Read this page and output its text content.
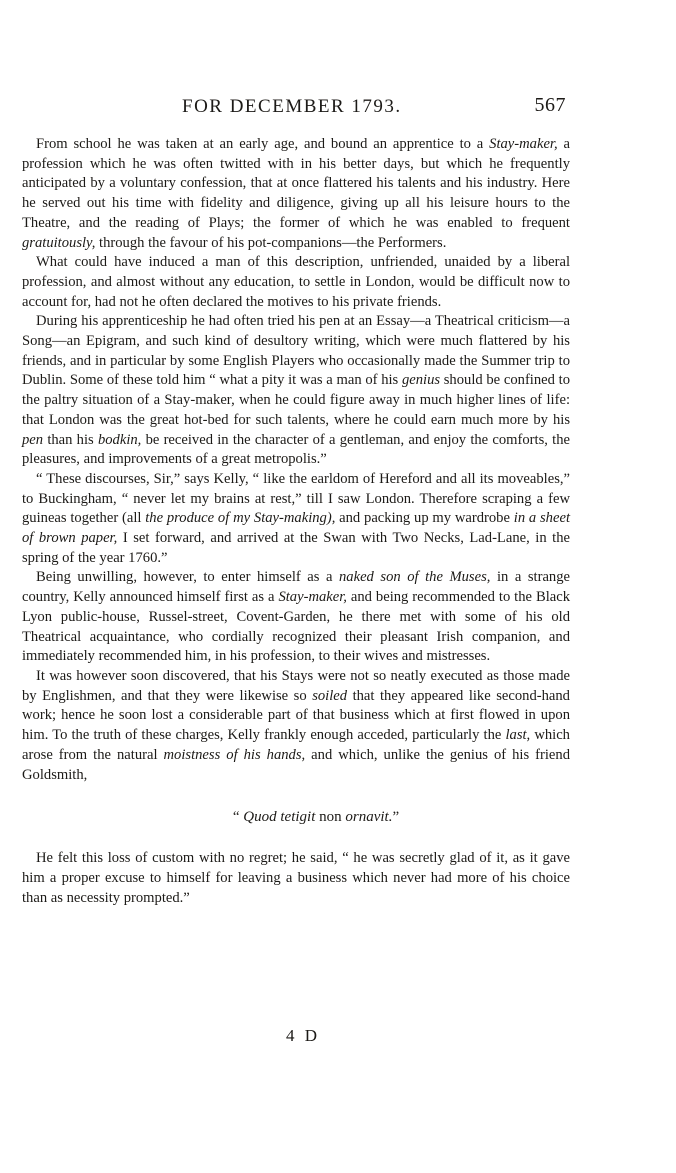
FOR DECEMBER 1793.	567

From school he was taken at an early age, and bound an apprentice to a Stay-maker, a profession which he was often twitted with in his better days, but which he frequently anticipated by a voluntary confession, that at once flattered his talents and his industry. Here he served out his time with fidelity and diligence, giving up all his leisure hours to the Theatre, and the reading of Plays; the former of which he was enabled to frequent gratuitously, through the favour of his pot-companions—the Performers.

What could have induced a man of this description, unfriended, unaided by a liberal profession, and almost without any education, to settle in London, would be difficult now to account for, had not he often declared the motives to his private friends.

During his apprenticeship he had often tried his pen at an Essay—a Theatrical criticism—a Song—an Epigram, and such kind of desultory writing, which were much flattered by his friends, and in particular by some English Players who occasionally made the Summer trip to Dublin. Some of these told him “ what a pity it was a man of his genius should be confined to the paltry situation of a Stay-maker, when he could figure away in much higher lines of life: that London was the great hot-bed for such talents, where he could earn much more by his pen than his bodkin, be received in the character of a gentleman, and enjoy the comforts, the pleasures, and improvements of a great metropolis.”

“ These discourses, Sir,” says Kelly, “ like the earldom of Hereford and all its moveables,” to Buckingham, “ never let my brains at rest,” till I saw London. Therefore scraping a few guineas together (all the produce of my Stay-making), and packing up my wardrobe in a sheet of brown paper, I set forward, and arrived at the Swan with Two Necks, Lad-Lane, in the spring of the year 1760.”

Being unwilling, however, to enter himself as a naked son of the Muses, in a strange country, Kelly announced himself first as a Stay-maker, and being recommended to the Black Lyon public-house, Russel-street, Covent-Garden, he there met with some of his old Theatrical acquaintance, who cordially recognized their pleasant Irish companion, and immediately recommended him, in his profession, to their wives and mistresses.

It was however soon discovered, that his Stays were not so neatly executed as those made by Englishmen, and that they were likewise so soiled that they appeared like second-hand work; hence he soon lost a considerable part of that business which at first flowed in upon him. To the truth of these charges, Kelly frankly enough acceded, particularly the last, which arose from the natural moistness of his hands, and which, unlike the genius of his friend Goldsmith,

“ Quod tetigit non ornavit.”

He felt this loss of custom with no regret; he said, “ he was secretly glad of it, as it gave him a proper excuse to himself for leaving a business which never had more of his choice than as necessity prompted.”

4 D
